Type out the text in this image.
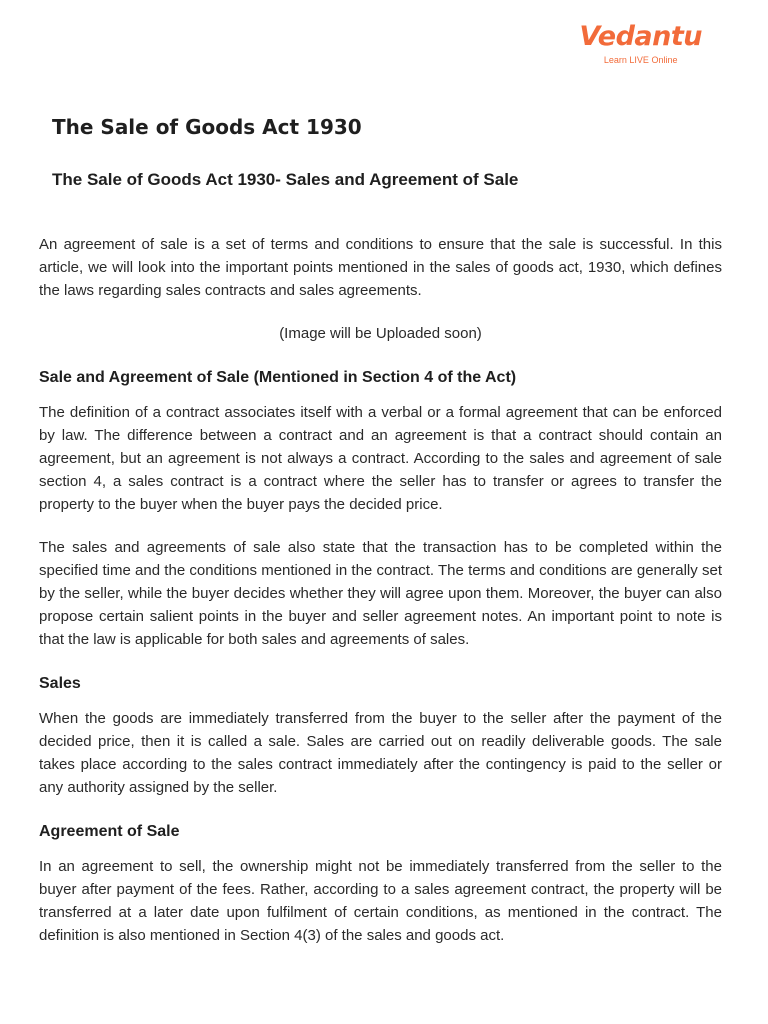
Vedantu
Learn LIVE Online
The Sale of Goods Act 1930
The Sale of Goods Act 1930- Sales and Agreement of Sale

An agreement of sale is a set of terms and conditions to ensure that the sale is successful. In this article, we will look into the important points mentioned in the sales of goods act, 1930, which defines the laws regarding sales contracts and sales agreements.

(Image will be Uploaded soon)

Sale and Agreement of Sale (Mentioned in Section 4 of the Act)

The definition of a contract associates itself with a verbal or a formal agreement that can be enforced by law. The difference between a contract and an agreement is that a contract should contain an agreement, but an agreement is not always a contract. According to the sales and agreement of sale section 4, a sales contract is a contract where the seller has to transfer or agrees to transfer the property to the buyer when the buyer pays the decided price.

The sales and agreements of sale also state that the transaction has to be completed within the specified time and the conditions mentioned in the contract. The terms and conditions are generally set by the seller, while the buyer decides whether they will agree upon them. Moreover, the buyer can also propose certain salient points in the buyer and seller agreement notes. An important point to note is that the law is applicable for both sales and agreements of sales.

Sales

When the goods are immediately transferred from the buyer to the seller after the payment of the decided price, then it is called a sale. Sales are carried out on readily deliverable goods. The sale takes place according to the sales contract immediately after the contingency is paid to the seller or any authority assigned by the seller.

Agreement of Sale

In an agreement to sell, the ownership might not be immediately transferred from the seller to the buyer after payment of the fees. Rather, according to a sales agreement contract, the property will be transferred at a later date upon fulfilment of certain conditions, as mentioned in the contract. The definition is also mentioned in Section 4(3) of the sales and goods act.
